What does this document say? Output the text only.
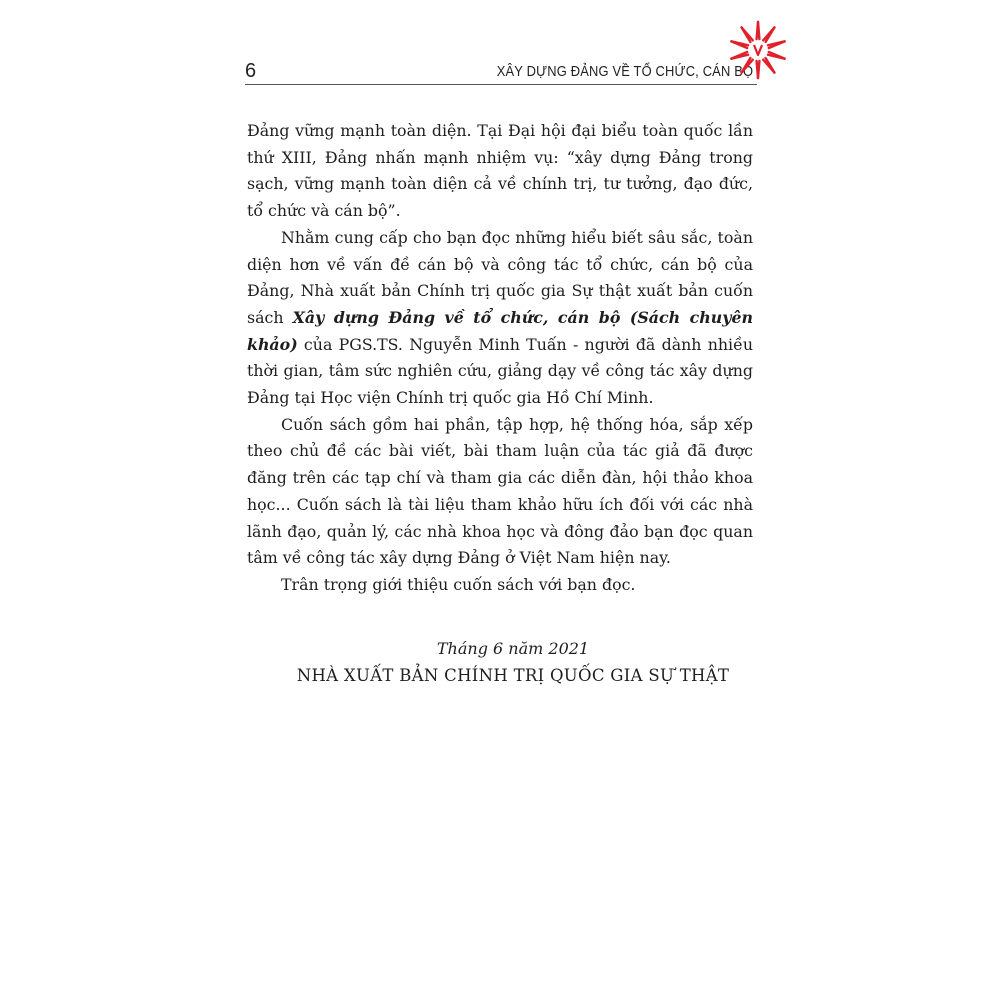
6	XÂY DỰNG ĐẢNG VỀ TỔ CHỨC, CÁN BỘ

Đảng vững mạnh toàn diện. Tại Đại hội đại biểu toàn quốc lần thứ XIII, Đảng nhấn mạnh nhiệm vụ: “xây dựng Đảng trong sạch, vững mạnh toàn diện cả về chính trị, tư tưởng, đạo đức, tổ chức và cán bộ”.

Nhằm cung cấp cho bạn đọc những hiểu biết sâu sắc, toàn diện hơn về vấn đề cán bộ và công tác tổ chức, cán bộ của Đảng, Nhà xuất bản Chính trị quốc gia Sự thật xuất bản cuốn sách Xây dựng Đảng về tổ chức, cán bộ (Sách chuyên khảo) của PGS.TS. Nguyễn Minh Tuấn - người đã dành nhiều thời gian, tâm sức nghiên cứu, giảng dạy về công tác xây dựng Đảng tại Học viện Chính trị quốc gia Hồ Chí Minh.

Cuốn sách gồm hai phần, tập hợp, hệ thống hóa, sắp xếp theo chủ đề các bài viết, bài tham luận của tác giả đã được đăng trên các tạp chí và tham gia các diễn đàn, hội thảo khoa học... Cuốn sách là tài liệu tham khảo hữu ích đối với các nhà lãnh đạo, quản lý, các nhà khoa học và đông đảo bạn đọc quan tâm về công tác xây dựng Đảng ở Việt Nam hiện nay.

Trân trọng giới thiệu cuốn sách với bạn đọc.

Tháng 6 năm 2021
NHÀ XUẤT BẢN CHÍNH TRỊ QUỐC GIA SỰ THẬT
